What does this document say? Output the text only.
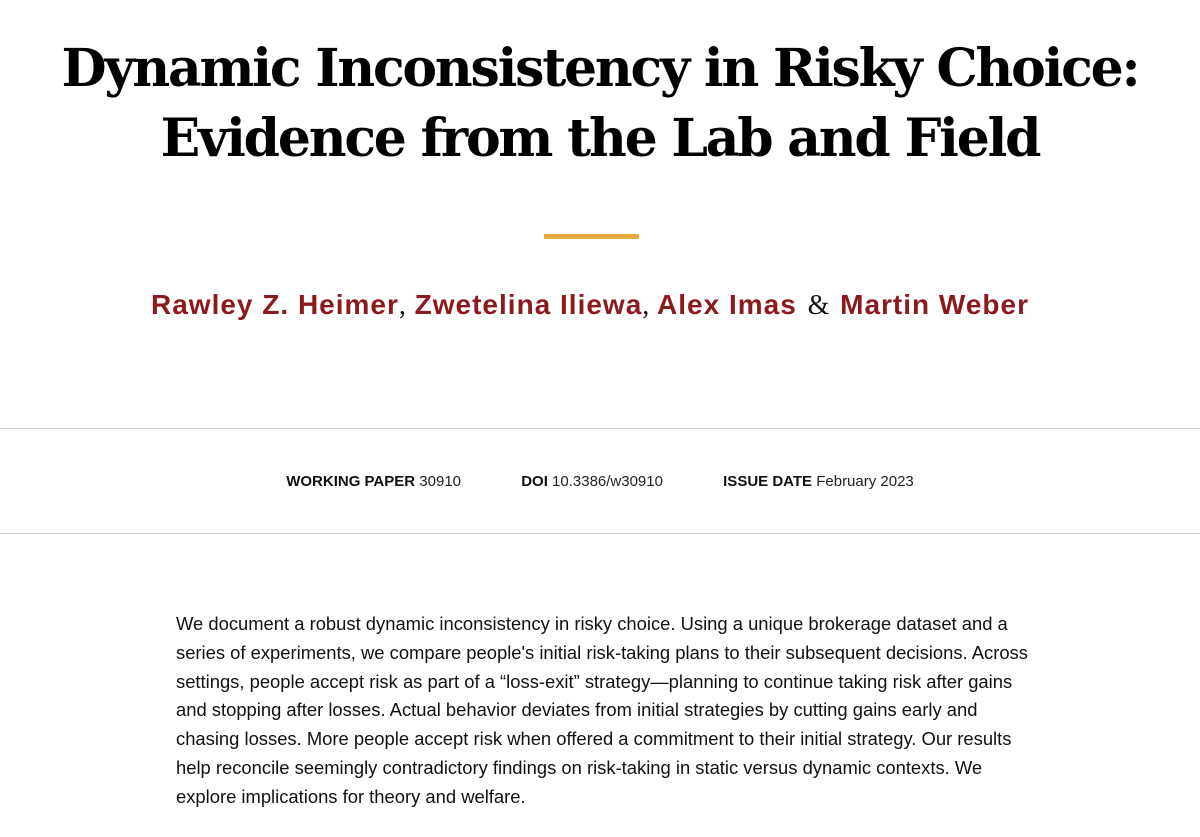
Dynamic Inconsistency in Risky Choice:
Evidence from the Lab and Field
Rawley Z. Heimer, Zwetelina Iliewa, Alex Imas & Martin Weber
WORKING PAPER 30910	DOI 10.3386/w30910	ISSUE DATE February 2023

We document a robust dynamic inconsistency in risky choice. Using a unique brokerage dataset and a series of experiments, we compare people's initial risk-taking plans to their subsequent decisions. Across settings, people accept risk as part of a “loss-exit” strategy—planning to continue taking risk after gains and stopping after losses. Actual behavior deviates from initial strategies by cutting gains early and chasing losses. More people accept risk when offered a commitment to their initial strategy. Our results help reconcile seemingly contradictory findings on risk-taking in static versus dynamic contexts. We explore implications for theory and welfare.
